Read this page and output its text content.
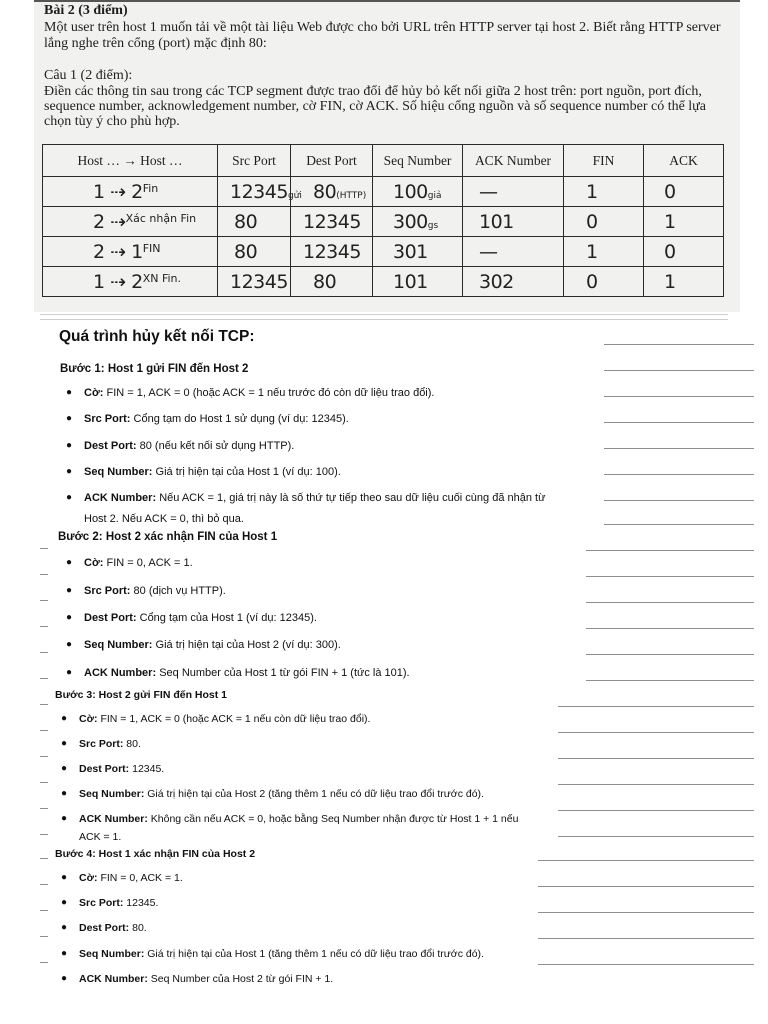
Bài 2 (3 điểm)
Một user trên host 1 muốn tải về một tài liệu Web được cho bởi URL trên HTTP server tại host 2. Biết rằng HTTP server lắng nghe trên cổng (port) mặc định 80:
Câu 1 (2 điểm):
Điền các thông tin sau trong các TCP segment được trao đổi để hủy bỏ kết nối giữa 2 host trên: port nguồn, port đích, sequence number, acknowledgement number, cờ FIN, cờ ACK. Số hiệu cổng nguồn và số sequence number có thể lựa chọn tùy ý cho phù hợp.
Host … → Host …	Src Port	Dest Port	Seq Number	ACK Number	FIN	ACK

1 ⇢ 2$^{Fin}$	12345gửi	80(HTTP)	100giả	—	1	0

2 ⇢$^{Xác nhận Fin}$	80	12345	300gs	101	0	1

2 ⇢ 1$^{FIN}$	80	12345	301	—	1	0

1 ⇢ 2$^{XN Fin.}$	12345	80	101	302	0	1
Quá trình hủy kết nối TCP:
Bước 1: Host 1 gửi FIN đến Host 2
● Cờ: FIN = 1, ACK = 0 (hoặc ACK = 1 nếu trước đó còn dữ liệu trao đổi).
● Src Port: Cổng tạm do Host 1 sử dụng (ví dụ: 12345).
● Dest Port: 80 (nếu kết nối sử dụng HTTP).
● Seq Number: Giá trị hiện tại của Host 1 (ví dụ: 100).
● ACK Number: Nếu ACK = 1, giá trị này là số thứ tự tiếp theo sau dữ liệu cuối cùng đã nhận từ
Host 2. Nếu ACK = 0, thì bỏ qua.
Bước 2: Host 2 xác nhận FIN của Host 1
● Cờ: FIN = 0, ACK = 1.
● Src Port: 80 (dịch vụ HTTP).
● Dest Port: Cổng tạm của Host 1 (ví dụ: 12345).
● Seq Number: Giá trị hiện tại của Host 2 (ví dụ: 300).
● ACK Number: Seq Number của Host 1 từ gói FIN + 1 (tức là 101).
Bước 3: Host 2 gửi FIN đến Host 1
● Cờ: FIN = 1, ACK = 0 (hoặc ACK = 1 nếu còn dữ liệu trao đổi).
● Src Port: 80.
● Dest Port: 12345.
● Seq Number: Giá trị hiện tại của Host 2 (tăng thêm 1 nếu có dữ liệu trao đổi trước đó).
● ACK Number: Không cần nếu ACK = 0, hoặc bằng Seq Number nhận được từ Host 1 + 1 nếu
ACK = 1.
Bước 4: Host 1 xác nhận FIN của Host 2
● Cờ: FIN = 0, ACK = 1.
● Src Port: 12345.
● Dest Port: 80.
● Seq Number: Giá trị hiện tại của Host 1 (tăng thêm 1 nếu có dữ liệu trao đổi trước đó).
● ACK Number: Seq Number của Host 2 từ gói FIN + 1.
